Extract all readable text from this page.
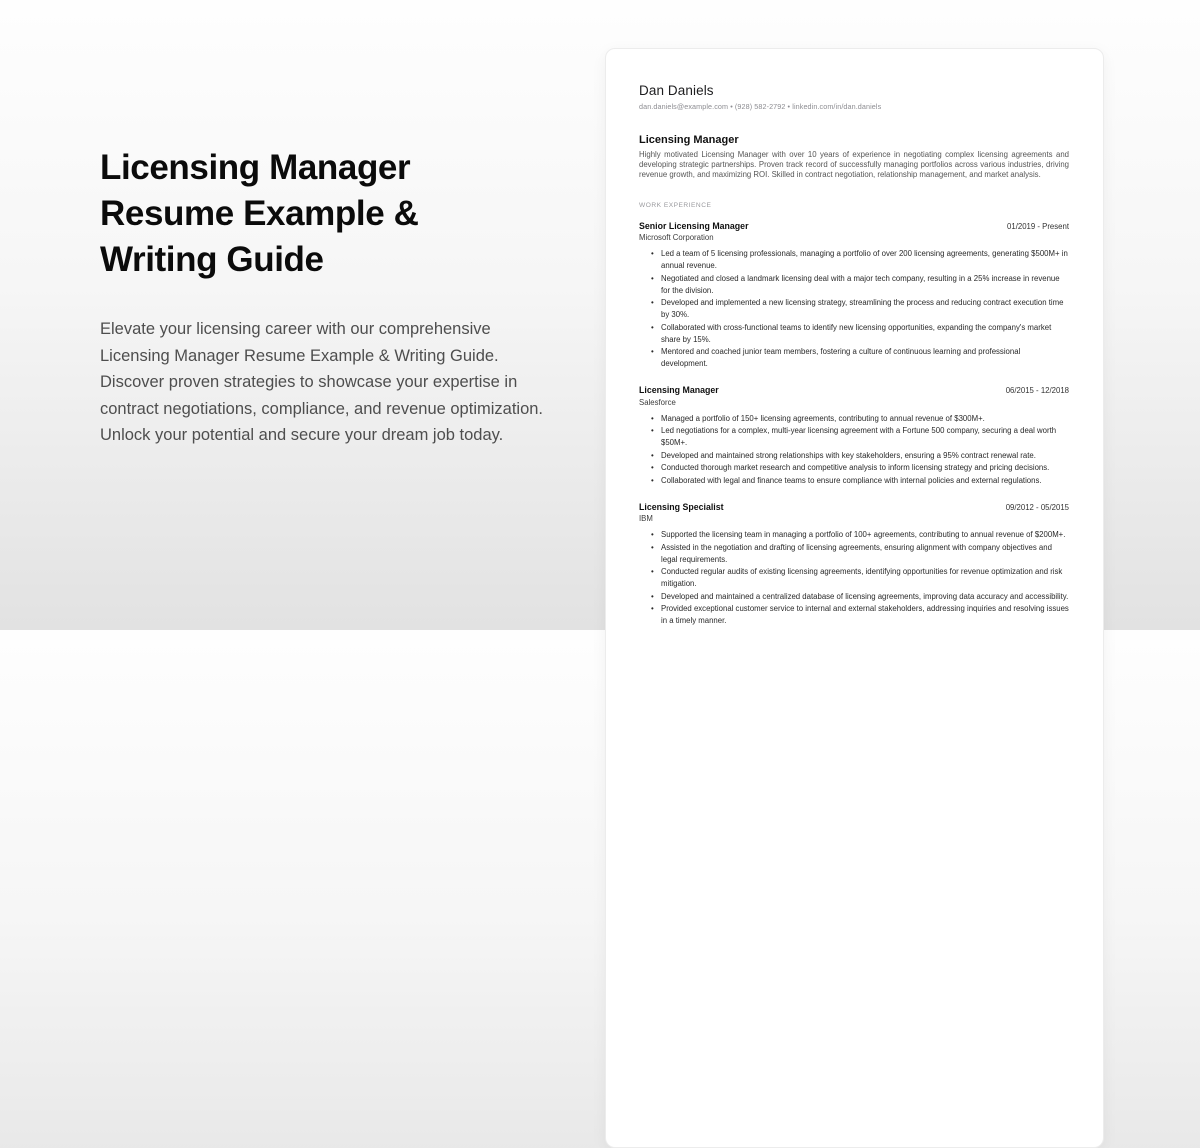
Licensing Manager
Resume Example &
Writing Guide

Elevate your licensing career with our comprehensive Licensing Manager Resume Example & Writing Guide. Discover proven strategies to showcase your expertise in contract negotiations, compliance, and revenue optimization. Unlock your potential and secure your dream job today.

Dan Daniels
dan.daniels@example.com • (928) 582-2792 • linkedin.com/in/dan.daniels
Licensing Manager

Highly motivated Licensing Manager with over 10 years of experience in negotiating complex licensing agreements and developing strategic partnerships. Proven track record of successfully managing portfolios across various industries, driving revenue growth, and maximizing ROI. Skilled in contract negotiation, relationship management, and market analysis.

WORK EXPERIENCE
Senior Licensing Manager	01/2019 - Present
Microsoft Corporation
• Led a team of 5 licensing professionals, managing a portfolio of over 200 licensing agreements, generating $500M+ in annual revenue.
• Negotiated and closed a landmark licensing deal with a major tech company, resulting in a 25% increase in revenue for the division.
• Developed and implemented a new licensing strategy, streamlining the process and reducing contract execution time by 30%.
• Collaborated with cross-functional teams to identify new licensing opportunities, expanding the company's market share by 15%.
• Mentored and coached junior team members, fostering a culture of continuous learning and professional development.
Licensing Manager	06/2015 - 12/2018
Salesforce
• Managed a portfolio of 150+ licensing agreements, contributing to annual revenue of $300M+.
• Led negotiations for a complex, multi-year licensing agreement with a Fortune 500 company, securing a deal worth $50M+.
• Developed and maintained strong relationships with key stakeholders, ensuring a 95% contract renewal rate.
• Conducted thorough market research and competitive analysis to inform licensing strategy and pricing decisions.
• Collaborated with legal and finance teams to ensure compliance with internal policies and external regulations.
Licensing Specialist	09/2012 - 05/2015
IBM
• Supported the licensing team in managing a portfolio of 100+ agreements, contributing to annual revenue of $200M+.
• Assisted in the negotiation and drafting of licensing agreements, ensuring alignment with company objectives and legal requirements.
• Conducted regular audits of existing licensing agreements, identifying opportunities for revenue optimization and risk mitigation.
• Developed and maintained a centralized database of licensing agreements, improving data accuracy and accessibility.
• Provided exceptional customer service to internal and external stakeholders, addressing inquiries and resolving issues in a timely manner.
